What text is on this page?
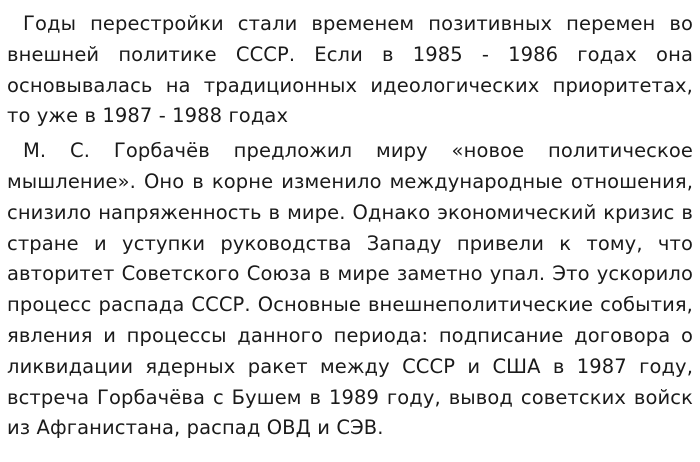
Годы перестройки стали временем позитивных перемен во внешней политике СССР. Если в 1985 - 1986 годах она основывалась на традиционных идеологических приоритетах, то уже в 1987 - 1988 годах

М. С. Горбачёв предложил миру «новое политическое мышление». Оно в корне изменило международные отношения, снизило напряженность в мире. Однако экономический кризис в стране и уступки руководства Западу привели к тому, что авторитет Советского Союза в мире заметно упал. Это ускорило процесс распада СССР. Основные внешнеполитические события, явления и процессы данного периода: подписание договора о ликвидации ядерных ракет между СССР и США в 1987 году, встреча Горбачёва с Бушем в 1989 году, вывод советских войск из Афганистана, распад ОВД и СЭВ.
